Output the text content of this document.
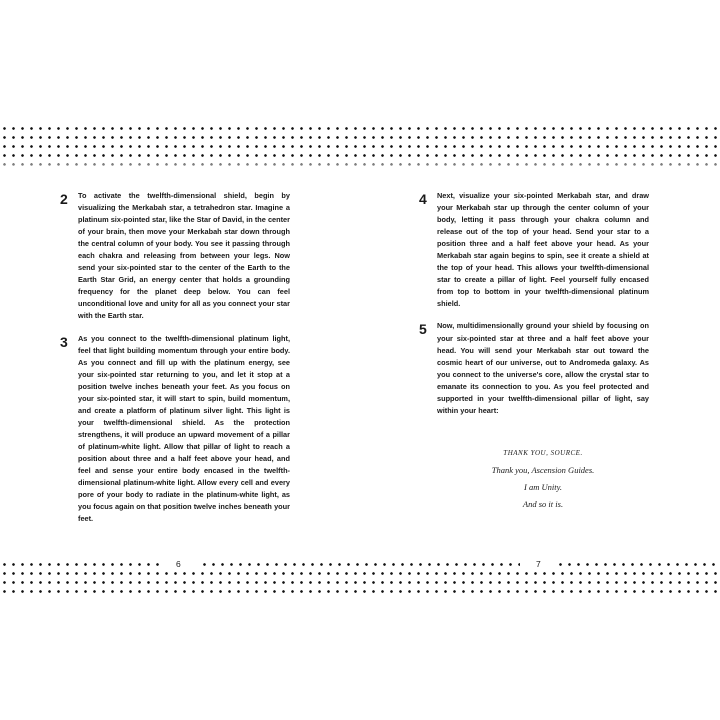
2 To activate the twelfth-dimensional shield, begin by visualizing the Merkabah star, a tetrahedron star. Imagine a platinum six-pointed star, like the Star of David, in the center of your brain, then move your Merkabah star down through the central column of your body. You see it passing through each chakra and releasing from between your legs. Now send your six-pointed star to the center of the Earth to the Earth Star Grid, an energy center that holds a grounding frequency for the planet deep below. You can feel unconditional love and unity for all as you connect your star with the Earth star.
3 As you connect to the twelfth-dimensional platinum light, feel that light building momentum through your entire body. As you connect and fill up with the platinum energy, see your six-pointed star returning to you, and let it stop at a position twelve inches beneath your feet. As you focus on your six-pointed star, it will start to spin, build momentum, and create a platform of platinum silver light. This light is your twelfth-dimensional shield. As the protection strengthens, it will produce an upward movement of a pillar of platinum-white light. Allow that pillar of light to reach a position about three and a half feet above your head, and feel and sense your entire body encased in the twelfth-dimensional platinum-white light. Allow every cell and every pore of your body to radiate in the platinum-white light, as you focus again on that position twelve inches beneath your feet.
4 Next, visualize your six-pointed Merkabah star, and draw your Merkabah star up through the center column of your body, letting it pass through your chakra column and release out of the top of your head. Send your star to a position three and a half feet above your head. As your Merkabah star again begins to spin, see it create a shield at the top of your head. This allows your twelfth-dimensional star to create a pillar of light. Feel yourself fully encased from top to bottom in your twelfth-dimensional platinum shield.
5 Now, multidimensionally ground your shield by focusing on your six-pointed star at three and a half feet above your head. You will send your Merkabah star out toward the cosmic heart of our universe, out to Andromeda galaxy. As you connect to the universe's core, allow the crystal star to emanate its connection to you. As you feel protected and supported in your twelfth-dimensional pillar of light, say within your heart:
THANK YOU, SOURCE.
Thank you, Ascension Guides.
I am Unity.
And so it is.
6	7
